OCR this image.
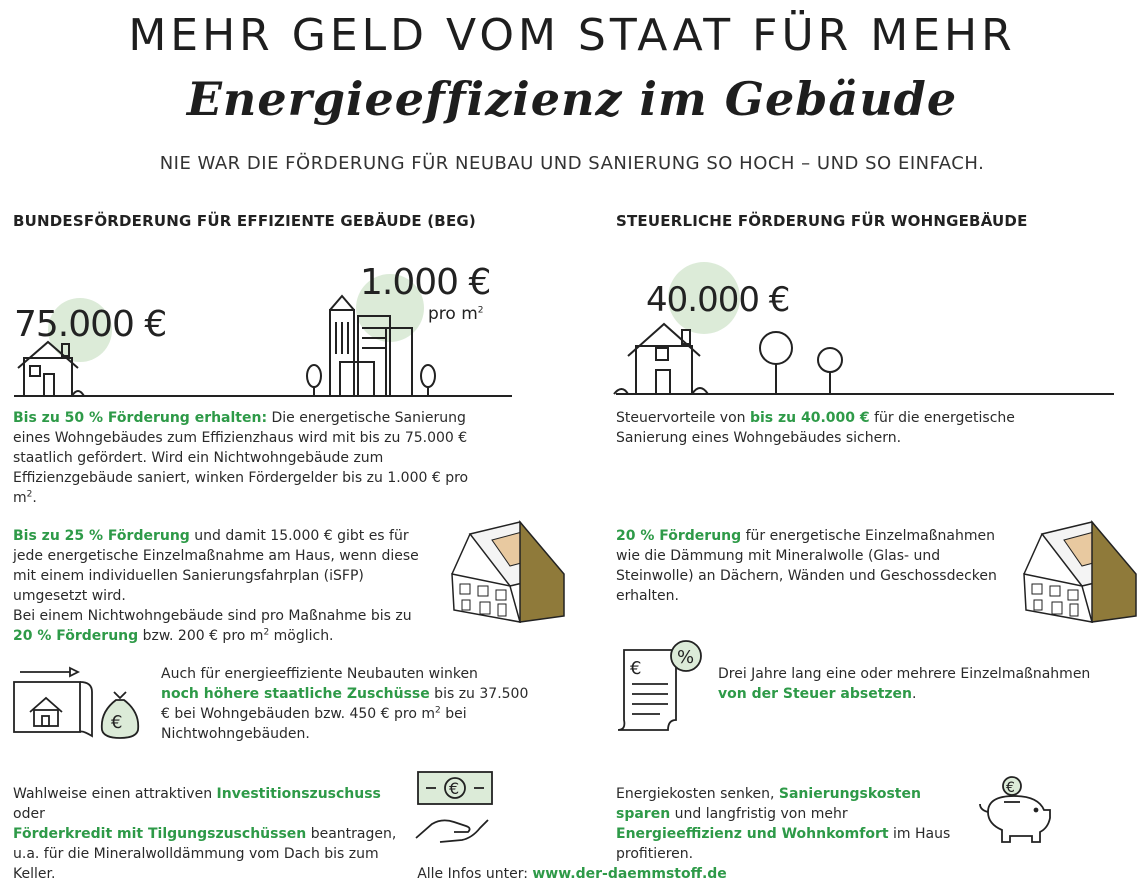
MEHR GELD VOM STAAT FÜR MEHR
Energieeffizienz im Gebäude
NIE WAR DIE FÖRDERUNG FÜR NEUBAU UND SANIERUNG SO HOCH – UND SO EINFACH.
BUNDESFÖRDERUNG FÜR EFFIZIENTE GEBÄUDE (BEG)	STEUERLICHE FÖRDERUNG FÜR WOHNGEBÄUDE
75.000 €
1.000 €
pro $m^2$	40.000 €
Bis zu 50 % Förderung erhalten: Die energetische Sanierung eines Wohngebäudes zum Effizienzhaus wird mit bis zu 75.000 € staatlich gefördert. Wird ein Nichtwohngebäude zum Effizienzgebäude saniert, winken Fördergelder bis zu 1.000 € pro $m^2$.
Steuervorteile von bis zu 40.000 € für die energetische Sanierung eines Wohngebäudes sichern.
Bis zu 25 % Förderung und damit 15.000 € gibt es für jede energetische Einzelmaßnahme am Haus, wenn diese mit einem individuellen Sanierungsfahrplan (iSFP) umgesetzt wird.
Bei einem Nichtwohngebäude sind pro Maßnahme bis zu
20 % Förderung bzw. 200 € pro $m^2$ möglich.
20 % Förderung für energetische Einzelmaßnahmen wie die Dämmung mit Mineralwolle (Glas- und Steinwolle) an Dächern, Wänden und Geschossdecken erhalten.
€
Auch für energieeffiziente Neubauten winken
noch höhere staatliche Zuschüsse bis zu 37.500 € bei Wohngebäuden bzw. 450 € pro $m^2$ bei Nichtwohngebäuden.
€
%
Drei Jahre lang eine oder mehrere Einzelmaßnahmen
von der Steuer absetzen.
Wahlweise einen attraktiven Investitionszuschuss oder
Förderkredit mit Tilgungszuschüssen beantragen, u.a. für die Mineralwolldämmung vom Dach bis zum Keller.
€	Energiekosten senken, Sanierungskosten sparen und langfristig von mehr Energieeffizienz und Wohnkomfort im Haus profitieren.
€
Alle Infos unter: www.der-daemmstoff.de
